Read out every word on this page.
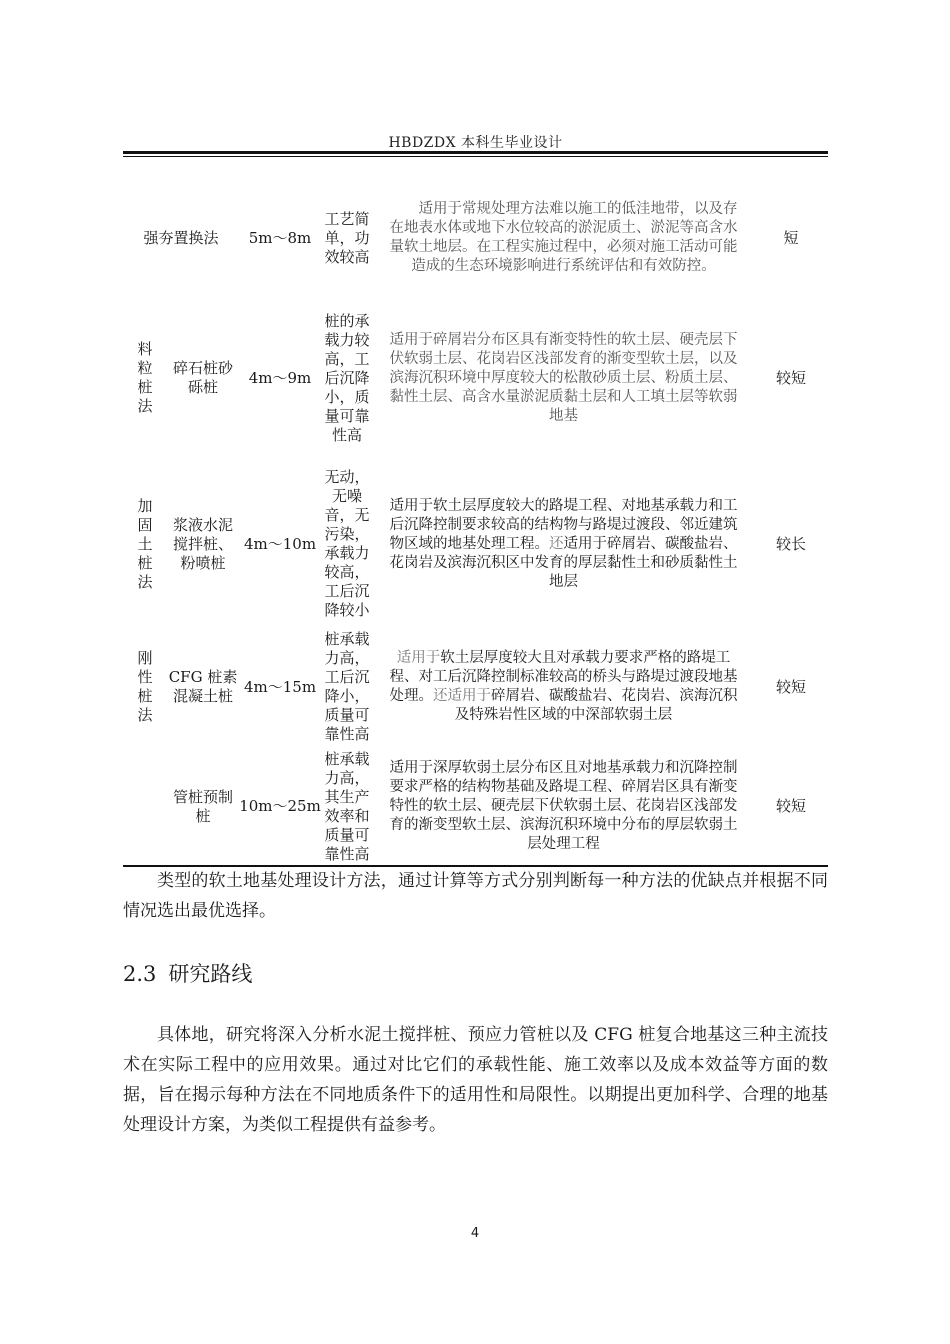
HBDZDX 本科生毕业设计
强夯置换法		5m～8m	工艺简单，功效较高	适用于常规处理方法难以施工的低洼地带，以及存在地表水体或地下水位较高的淤泥质土、淤泥等高含水量软土地层。在工程实施过程中，必须对施工活动可能造成的生态环境影响进行系统评估和有效防控。	短
料粒桩法	碎石桩砂砾桩	4m～9m	桩的承载力较高，工后沉降小，质量可靠性高	适用于碎屑岩分布区具有渐变特性的软土层、硬壳层下伏软弱土层、花岗岩区浅部发育的渐变型软土层，以及滨海沉积环境中厚度较大的松散砂质土层、粉质土层、黏性土层、高含水量淤泥质黏土层和人工填土层等软弱地基	较短
加固土桩法	浆液水泥搅拌桩、粉喷桩	4m～10m	无动，无噪音，无污染，承载力较高，工后沉降较小	适用于软土层厚度较大的路堤工程、对地基承载力和工后沉降控制要求较高的结构物与路堤过渡段、邻近建筑物区域的地基处理工程。还适用于碎屑岩、碳酸盐岩、花岗岩及滨海沉积区中发育的厚层黏性土和砂质黏性土地层	较长
刚性桩法	CFG 桩素混凝土桩	4m～15m	桩承载力高，工后沉降小，质量可靠性高	适用于软土层厚度较大且对承载力要求严格的路堤工程、对工后沉降控制标准较高的桥头与路堤过渡段地基处理。还适用于碎屑岩、碳酸盐岩、花岗岩、滨海沉积及特殊岩性区域的中深部软弱土层	较短
	管桩预制桩	10m～25m	桩承载力高，其生产效率和质量可靠性高	适用于深厚软弱土层分布区且对地基承载力和沉降控制要求严格的结构物基础及路堤工程、碎屑岩区具有渐变特性的软土层、硬壳层下伏软弱土层、花岗岩区浅部发育的渐变型软土层、滨海沉积环境中分布的厚层软弱土层处理工程	较短

类型的软土地基处理设计方法，通过计算等方式分别判断每一种方法的优缺点并根据不同情况选出最优选择。

2.3 研究路线

具体地，研究将深入分析水泥土搅拌桩、预应力管桩以及 CFG 桩复合地基这三种主流技术在实际工程中的应用效果。通过对比它们的承载性能、施工效率以及成本效益等方面的数据，旨在揭示每种方法在不同地质条件下的适用性和局限性。以期提出更加科学、合理的地基处理设计方案，为类似工程提供有益参考。

4
